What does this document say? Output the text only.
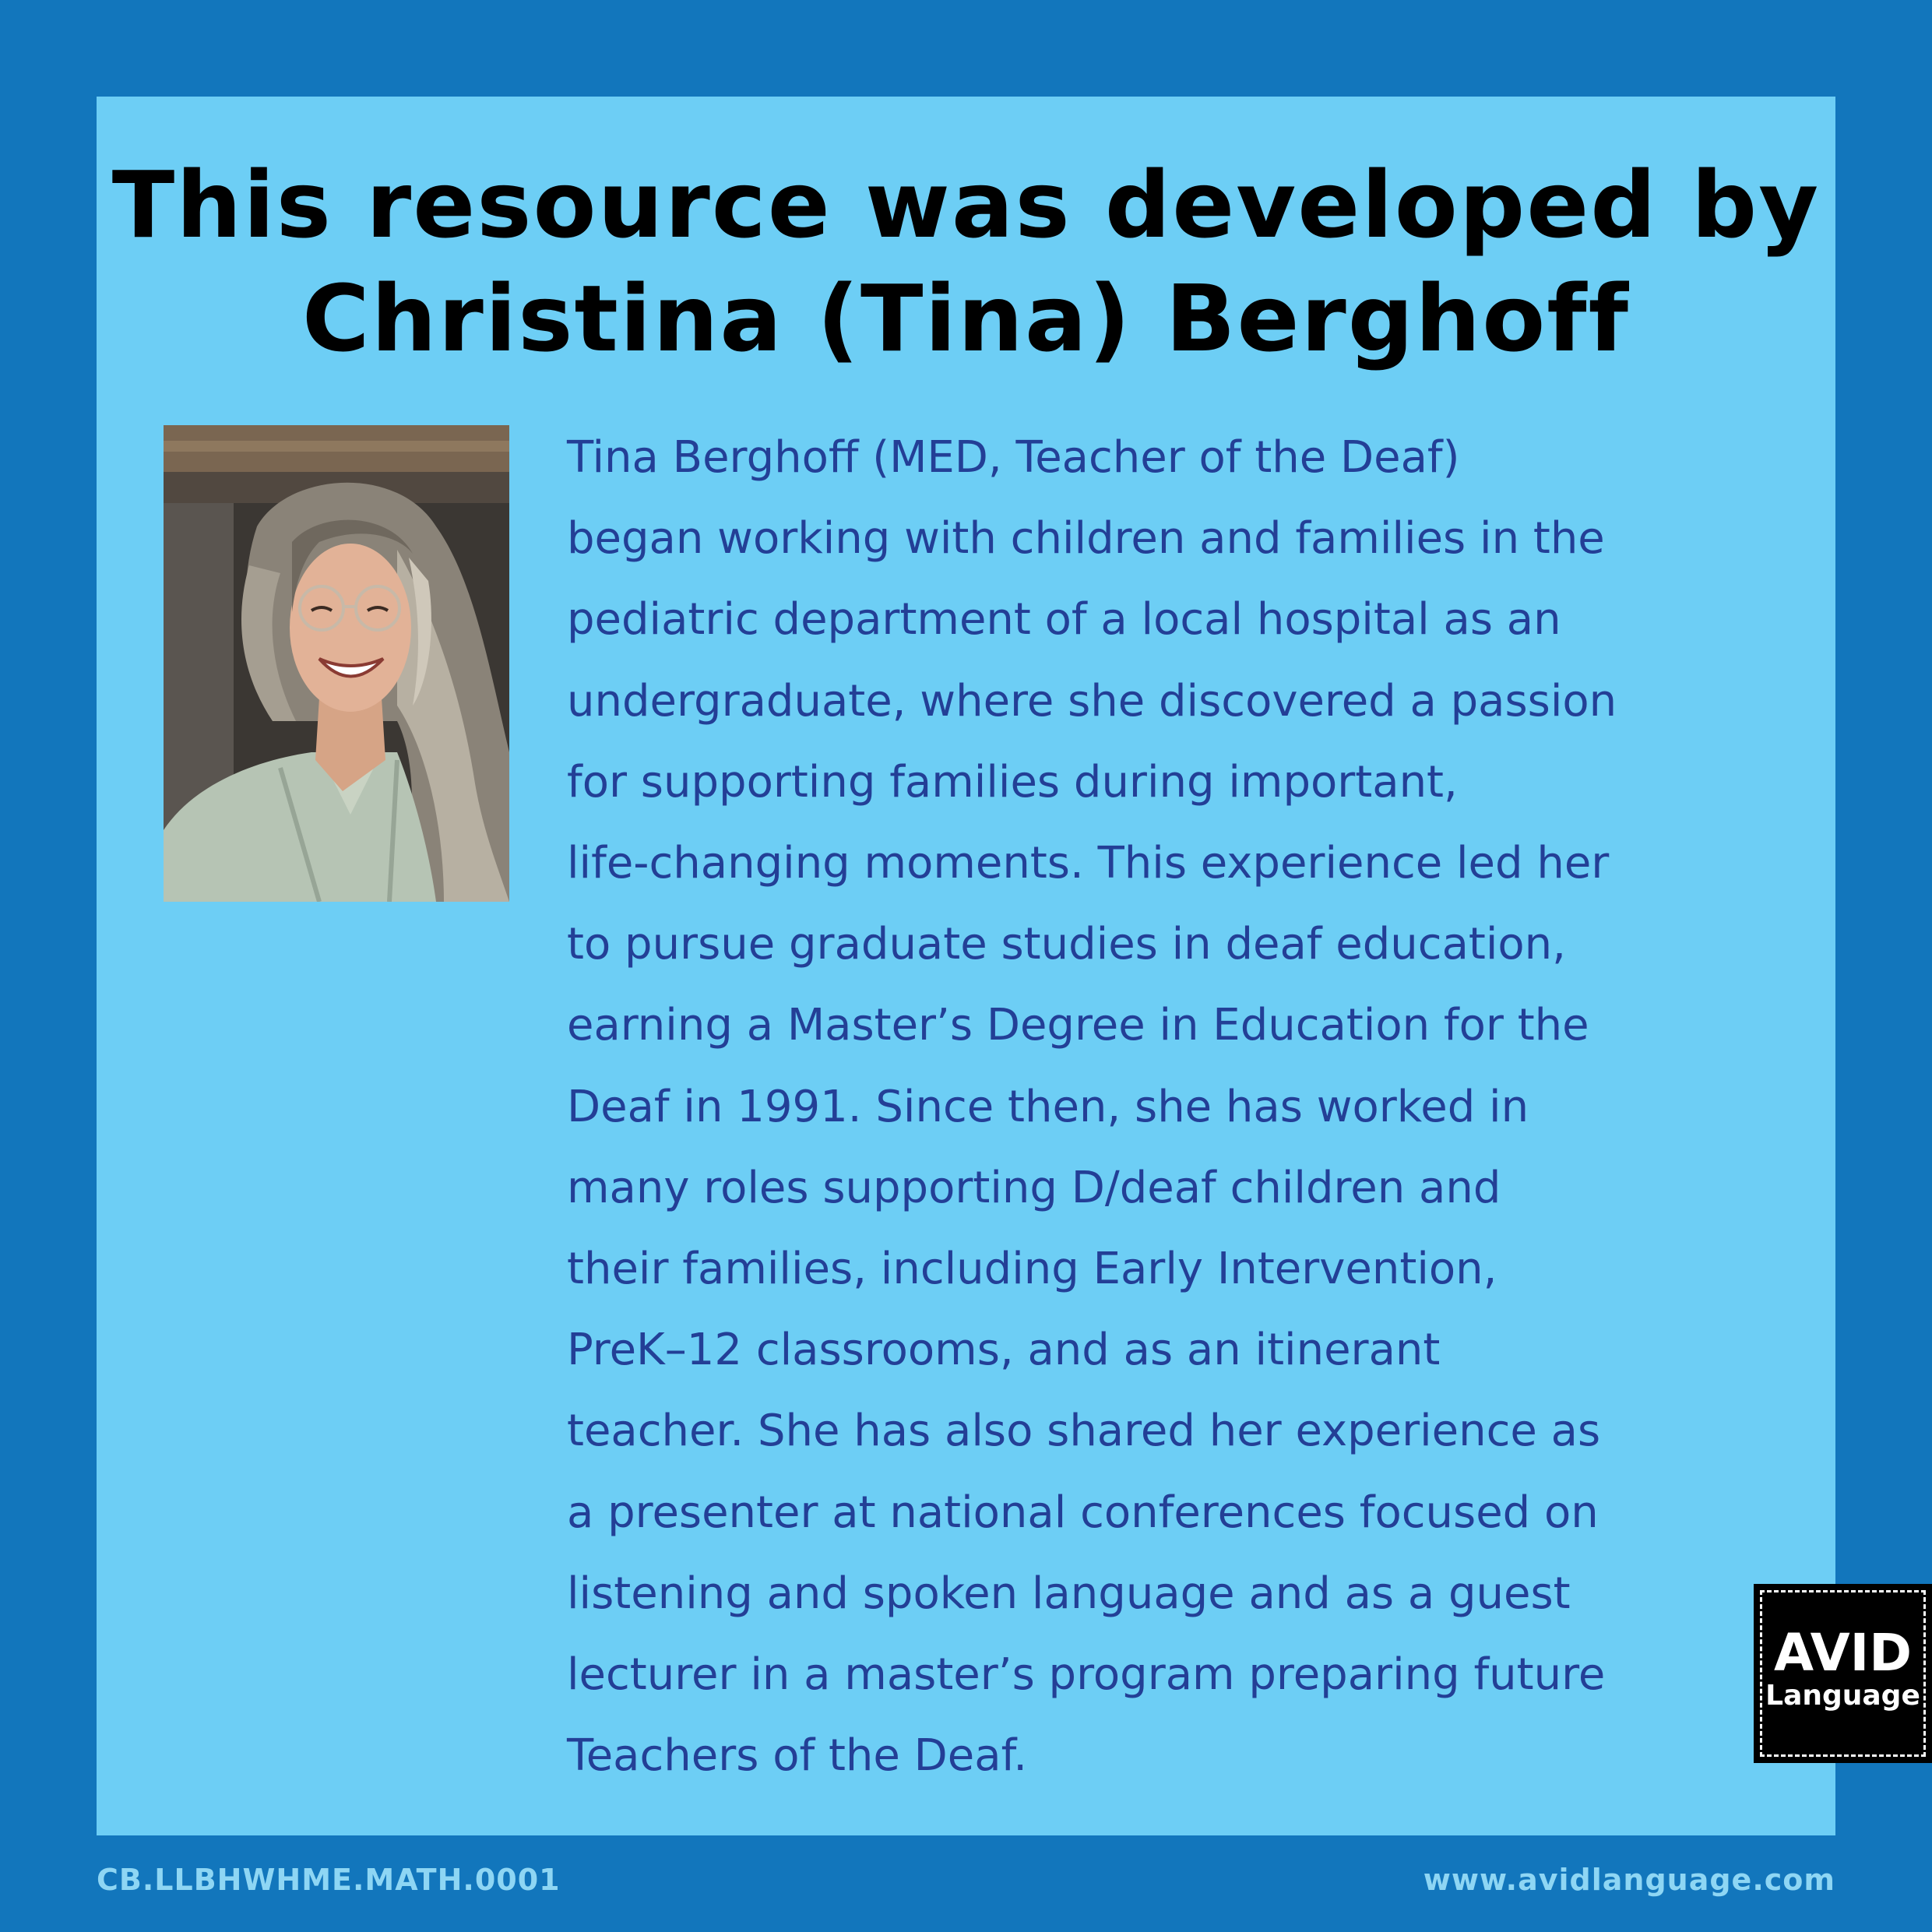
This resource was developed by
Christina (Tina) Berghoff

Tina Berghoff (MED, Teacher of the Deaf)
began working with children and families in the
pediatric department of a local hospital as an
undergraduate, where she discovered a passion
for supporting families during important,
life-changing moments. This experience led her
to pursue graduate studies in deaf education,
earning a Master’s Degree in Education for the
Deaf in 1991. Since then, she has worked in
many roles supporting D/deaf children and
their families, including Early Intervention,
PreK–12 classrooms, and as an itinerant
teacher. She has also shared her experience as
a presenter at national conferences focused on
listening and spoken language and as a guest
lecturer in a master’s program preparing future
Teachers of the Deaf.

AVID
Language
CB.LLBHWHME.MATH.0001	www.avidlanguage.com
